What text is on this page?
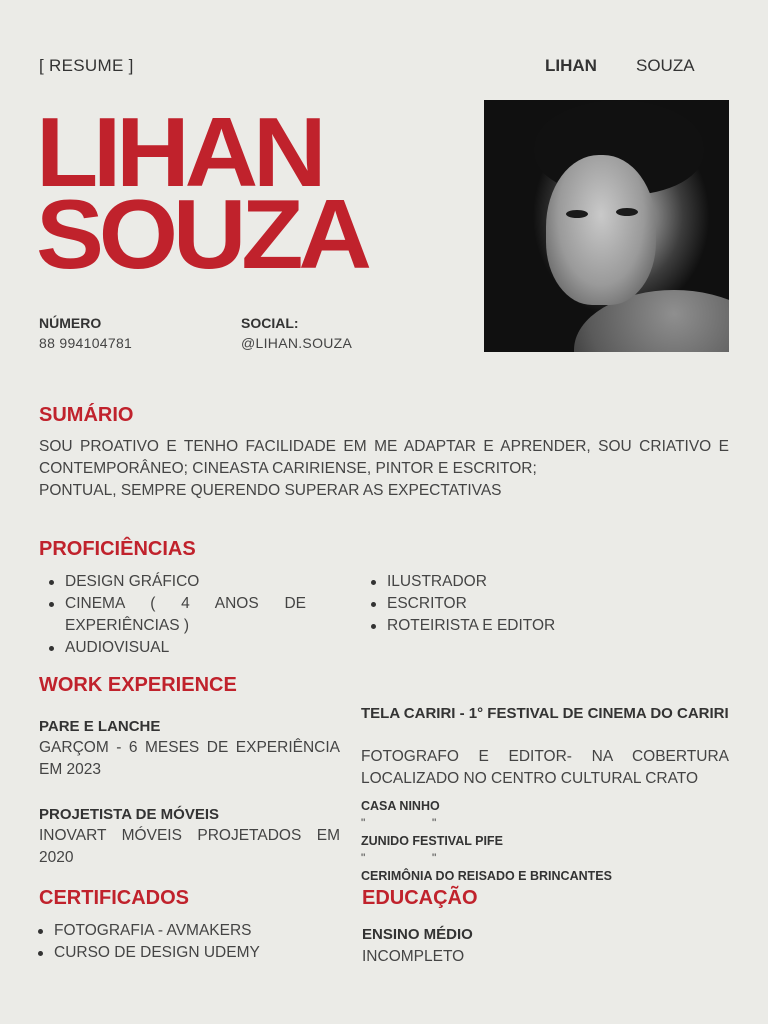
[ RESUME ]	LIHAN SOUZA
LIHAN
SOUZA
NÚMERO
88 994104781
SOCIAL:
@LIHAN.SOUZA
SUMÁRIO
SOU PROATIVO E TENHO FACILIDADE EM ME ADAPTAR E APRENDER, SOU CRIATIVO E CONTEMPORÂNEO; CINEASTA CARIRIENSE, PINTOR E ESCRITOR;
PONTUAL, SEMPRE QUERENDO SUPERAR AS EXPECTATIVAS
PROFICIÊNCIAS
DESIGN GRÁFICO
CINEMA ( 4 ANOS DE EXPERIÊNCIAS )
AUDIOVISUAL
ILUSTRADOR
ESCRITOR
ROTEIRISTA E EDITOR
WORK EXPERIENCE
PARE E LANCHE
GARÇOM - 6 MESES DE EXPERIÊNCIA EM 2023
PROJETISTA DE MÓVEIS
INOVART MÓVEIS PROJETADOS EM 2020
TELA CARIRI - 1° FESTIVAL DE CINEMA DO CARIRI
FOTOGRAFO E EDITOR- NA COBERTURA LOCALIZADO NO CENTRO CULTURAL CRATO
CASA NINHO
"                    "
ZUNIDO FESTIVAL PIFE
"                    "
CERIMÔNIA DO REISADO E BRINCANTES
CERTIFICADOS
FOTOGRAFIA - AVMAKERS
CURSO DE DESIGN UDEMY
EDUCAÇÃO
ENSINO MÉDIO
INCOMPLETO
